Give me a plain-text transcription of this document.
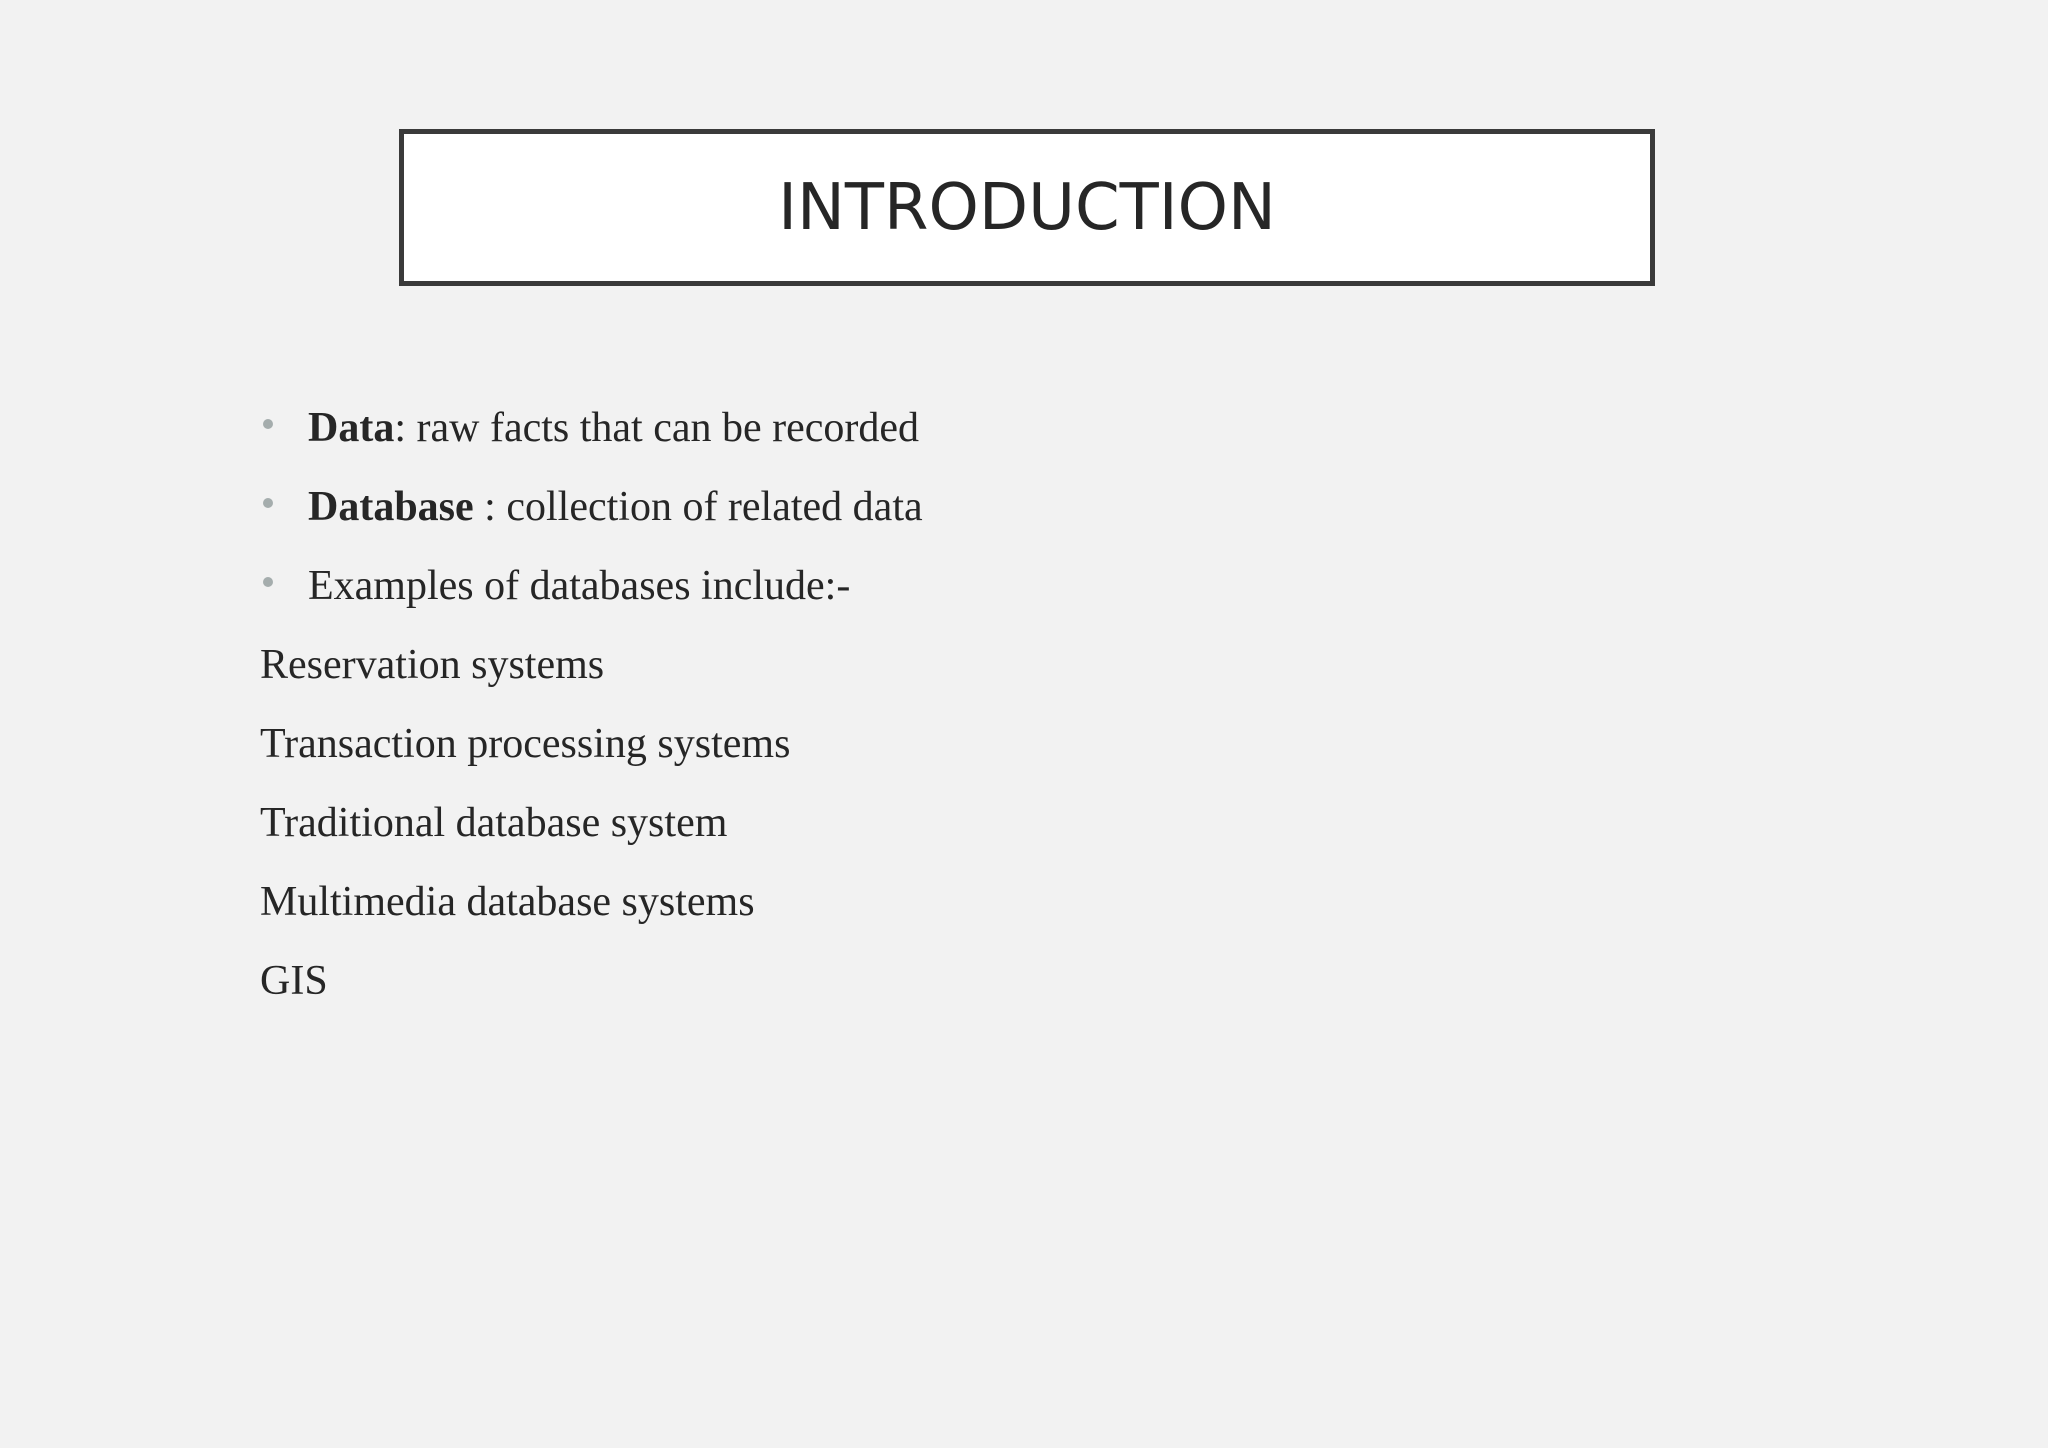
INTRODUCTION
Data: raw facts that can be recorded
Database : collection of related data
Examples of databases include:-
Reservation systems
Transaction processing systems
Traditional database system
Multimedia database systems
GIS
